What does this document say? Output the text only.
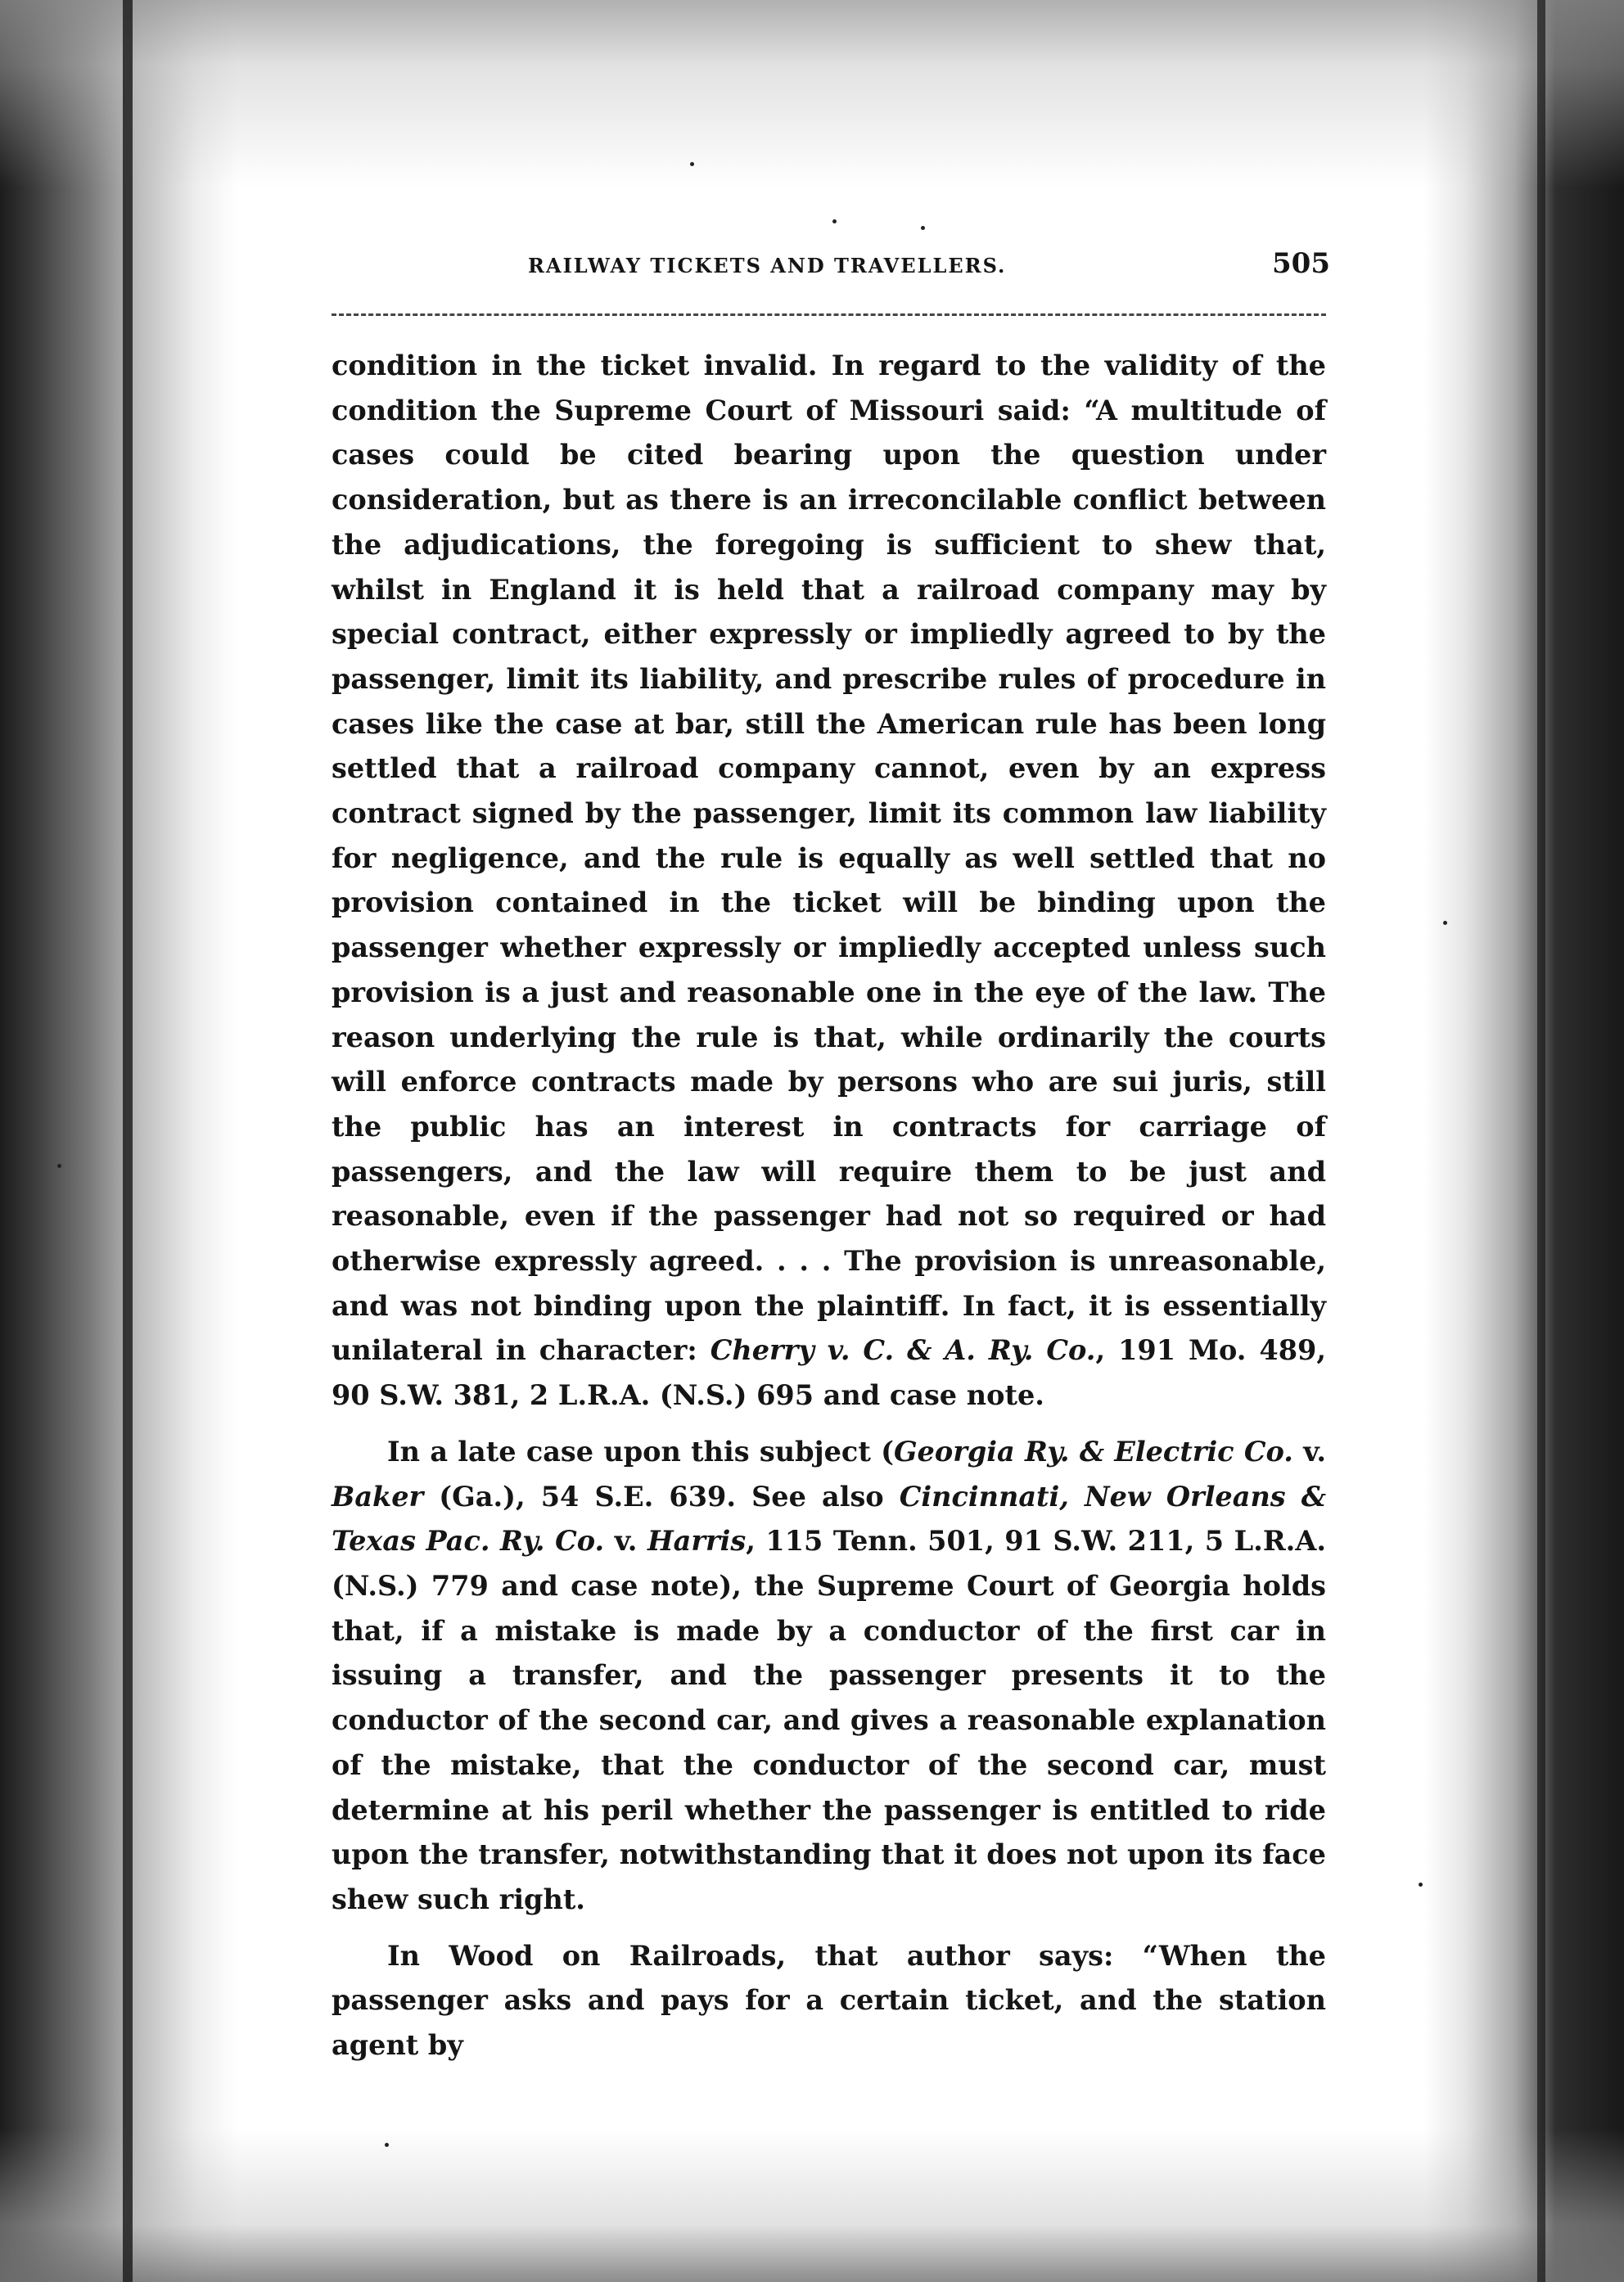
RAILWAY TICKETS AND TRAVELLERS.	505

condition in the ticket invalid. In regard to the validity of the condition the Supreme Court of Missouri said: “A multitude of cases could be cited bearing upon the question under consideration, but as there is an irreconcilable conflict between the adjudications, the foregoing is sufficient to shew that, whilst in England it is held that a railroad company may by special contract, either expressly or impliedly agreed to by the passenger, limit its liability, and prescribe rules of procedure in cases like the case at bar, still the American rule has been long settled that a railroad company cannot, even by an express contract signed by the passenger, limit its common law liability for negligence, and the rule is equally as well settled that no provision contained in the ticket will be binding upon the passenger whether expressly or impliedly accepted unless such provision is a just and reasonable one in the eye of the law. The reason underlying the rule is that, while ordinarily the courts will enforce contracts made by persons who are sui juris, still the public has an interest in contracts for carriage of passengers, and the law will require them to be just and reasonable, even if the passenger had not so required or had otherwise expressly agreed. . . . The provision is unreasonable, and was not binding upon the plaintiff. In fact, it is essentially unilateral in character: Cherry v. C. & A. Ry. Co., 191 Mo. 489, 90 S.W. 381, 2 L.R.A. (N.S.) 695 and case note.

In a late case upon this subject (Georgia Ry. & Electric Co. v. Baker (Ga.), 54 S.E. 639. See also Cincinnati, New Orleans & Texas Pac. Ry. Co. v. Harris, 115 Tenn. 501, 91 S.W. 211, 5 L.R.A. (N.S.) 779 and case note), the Supreme Court of Georgia holds that, if a mistake is made by a conductor of the first car in issuing a transfer, and the passenger presents it to the conductor of the second car, and gives a reasonable explanation of the mistake, that the conductor of the second car, must determine at his peril whether the passenger is entitled to ride upon the transfer, notwithstanding that it does not upon its face shew such right.

In Wood on Railroads, that author says: “When the passenger asks and pays for a certain ticket, and the station agent by
